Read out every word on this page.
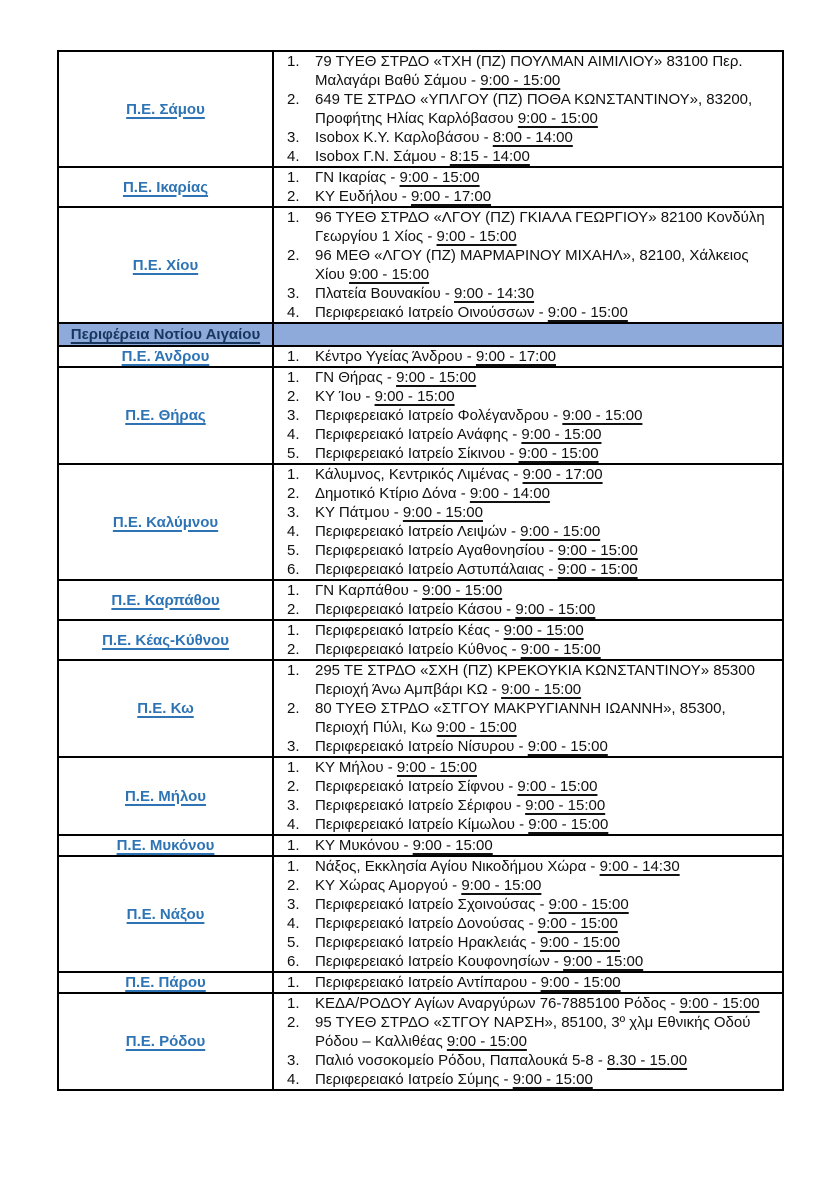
Π.Ε. Σάμου	
1.	79 ΤΥΕΘ ΣΤΡΔΟ «ΤΧΗ (ΠΖ) ΠΟΥΛΜΑΝ ΑΙΜΙΛΙΟΥ» 83100 Περ. Μαλαγάρι Βαθύ Σάμου - 9:00 - 15:00
2.	649 ΤΕ ΣΤΡΔΟ «ΥΠΛΓΟΥ (ΠΖ) ΠΟΘΑ ΚΩΝΣΤΑΝΤΙΝΟΥ», 83200, Προφήτης Ηλίας Καρλόβασου 9:00 - 15:00
3.	Isobox Κ.Υ. Καρλοβάσου - 8:00 - 14:00
4.	Isobox Γ.Ν. Σάμου - 8:15 - 14:00

Π.Ε. Ικαρίας	1. ΓΝ Ικαρίας - 9:00 - 15:00
2. ΚΥ Ευδήλου - 9:00 - 17:00

Π.Ε. Χίου	
1.	96 ΤΥΕΘ ΣΤΡΔΟ «ΛΓΟΥ (ΠΖ) ΓΚΙΑΛΑ ΓΕΩΡΓΙΟΥ» 82100 Κονδύλη Γεωργίου 1 Χίος - 9:00 - 15:00
2.	96 ΜΕΘ «ΛΓΟΥ (ΠΖ) ΜΑΡΜΑΡΙΝΟΥ ΜΙΧΑΗΛ», 82100, Χάλκειος Χίου 9:00 - 15:00
3.	Πλατεία Βουνακίου - 9:00 - 14:30
4.	Περιφερειακό Ιατρείο Οινούσσων - 9:00 - 15:00

Περιφέρεια Νοτίου Αιγαίου	
Π.Ε. Άνδρου	1. Κέντρο Υγείας Άνδρου - 9:00 - 17:00

Π.Ε. Θήρας	
1.	ΓΝ Θήρας - 9:00 - 15:00
2.	ΚΥ Ίου - 9:00 - 15:00
3.	Περιφερειακό Ιατρείο Φολέγανδρου - 9:00 - 15:00
4.	Περιφερειακό Ιατρείο Ανάφης - 9:00 - 15:00
5.	Περιφερειακό Ιατρείο Σίκινου - 9:00 - 15:00

Π.Ε. Καλύμνου	
1.	Κάλυμνος, Κεντρικός Λιμένας - 9:00 - 17:00
2.	Δημοτικό Κτίριο Δόνα - 9:00 - 14:00
3.	ΚΥ Πάτμου - 9:00 - 15:00
4.	Περιφερειακό Ιατρείο Λειψών - 9:00 - 15:00
5.	Περιφερειακό Ιατρείο Αγαθονησίου - 9:00 - 15:00
6.	Περιφερειακό Ιατρείο Αστυπάλαιας - 9:00 - 15:00

Π.Ε. Καρπάθου	1. ΓΝ Καρπάθου - 9:00 - 15:00
2. Περιφερειακό Ιατρείο Κάσου - 9:00 - 15:00

Π.Ε. Κέας-Κύθνου	1. Περιφερειακό Ιατρείο Κέας - 9:00 - 15:00
2. Περιφερειακό Ιατρείο Κύθνος - 9:00 - 15:00

Π.Ε. Κω	
1.	295 ΤΕ ΣΤΡΔΟ «ΣΧΗ (ΠΖ) ΚΡΕΚΟΥΚΙΑ ΚΩΝΣΤΑΝΤΙΝΟΥ» 85300 Περιοχή Άνω Αμπβάρι ΚΩ - 9:00 - 15:00
2.	80 ΤΥΕΘ ΣΤΡΔΟ «ΣΤΓΟΥ ΜΑΚΡΥΓΙΑΝΝΗ ΙΩΑΝΝΗ», 85300, Περιοχή Πύλι, Κω 9:00 - 15:00
3.	Περιφερειακό Ιατρείο Νίσυρου - 9:00 - 15:00

Π.Ε. Μήλου	
1.	ΚΥ Μήλου - 9:00 - 15:00
2.	Περιφερειακό Ιατρείο Σίφνου - 9:00 - 15:00
3.	Περιφερειακό Ιατρείο Σέριφου - 9:00 - 15:00
4.	Περιφερειακό Ιατρείο Κίμωλου - 9:00 - 15:00

Π.Ε. Μυκόνου	1. ΚΥ Μυκόνου - 9:00 - 15:00

Π.Ε. Νάξου	
1.	Νάξος, Εκκλησία Αγίου Νικοδήμου Χώρα - 9:00 - 14:30
2.	ΚΥ Χώρας Αμοργού - 9:00 - 15:00
3.	Περιφερειακό Ιατρείο Σχοινούσας - 9:00 - 15:00
4.	Περιφερειακό Ιατρείο Δονούσας - 9:00 - 15:00
5.	Περιφερειακό Ιατρείο Ηρακλειάς - 9:00 - 15:00
6.	Περιφερειακό Ιατρείο Κουφονησίων - 9:00 - 15:00

Π.Ε. Πάρου	1. Περιφερειακό Ιατρείο Αντίπαρου - 9:00 - 15:00

Π.Ε. Ρόδου	
1.	ΚΕΔΑ/ΡΟΔΟΥ Αγίων Αναργύρων 76-7885100 Ρόδος - 9:00 - 15:00
2.	95 ΤΥΕΘ ΣΤΡΔΟ «ΣΤΓΟΥ ΝΑΡΣΗ», 85100, 3º χλμ Εθνικής Οδού Ρόδου – Καλλιθέας 9:00 - 15:00
3.	Παλιό νοσοκομείο Ρόδου, Παπαλουκά 5-8 - 8.30 - 15.00
4.	Περιφερειακό Ιατρείο Σύμης - 9:00 - 15:00
